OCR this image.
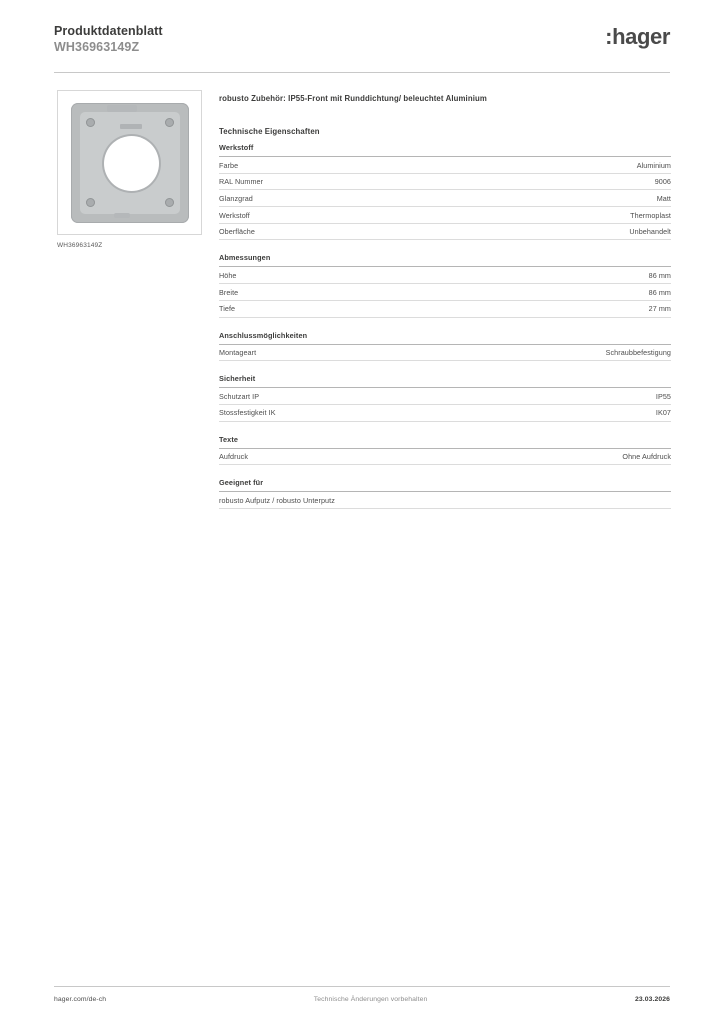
Produktdatenblatt
WH36963149Z	:hager
WH36963149Z
robusto Zubehör: IP55-Front mit Runddichtung/ beleuchtet Aluminium
Technische Eigenschaften
Werkstoff
Farbe	Aluminium
RAL Nummer	9006
Glanzgrad	Matt
Werkstoff	Thermoplast
Oberfläche	Unbehandelt
Abmessungen
Höhe	86 mm
Breite	86 mm
Tiefe	27 mm
Anschlussmöglichkeiten
Montageart	Schraubbefestigung
Sicherheit
Schutzart IP	IP55
Stossfestigkeit IK	IK07
Texte
Aufdruck	Ohne Aufdruck
Geeignet für
robusto Aufputz / robusto Unterputz
hager.com/de-ch	Technische Änderungen vorbehalten	23.03.2026
